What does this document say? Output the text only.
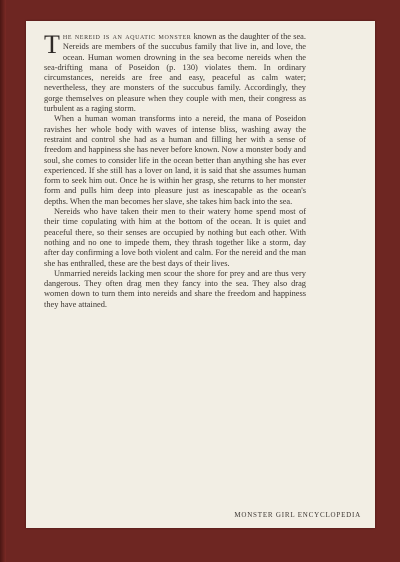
The nereid is an aquatic monster known as the daughter of the sea. Nereids are members of the succubus family that live in, and love, the ocean. Human women drowning in the sea become nereids when the sea-drifting mana of Poseidon (p. 130) violates them. In ordinary circumstances, nereids are free and easy, peaceful as calm water; nevertheless, they are monsters of the succubus family. Accordingly, they gorge themselves on pleasure when they couple with men, their congress as turbulent as a raging storm.

When a human woman transforms into a nereid, the mana of Poseidon ravishes her whole body with waves of intense bliss, washing away the restraint and control she had as a human and filling her with a sense of freedom and happiness she has never before known. Now a monster body and soul, she comes to consider life in the ocean better than anything she has ever experienced. If she still has a lover on land, it is said that she assumes human form to seek him out. Once he is within her grasp, she returns to her monster form and pulls him deep into pleasure just as inescapable as the ocean's depths. When the man becomes her slave, she takes him back into the sea.

Nereids who have taken their men to their watery home spend most of their time copulating with him at the bottom of the ocean. It is quiet and peaceful there, so their senses are occupied by nothing but each other. With nothing and no one to impede them, they thrash together like a storm, day after day confirming a love both violent and calm. For the nereid and the man she has enthralled, these are the best days of their lives.

Unmarried nereids lacking men scour the shore for prey and are thus very dangerous. They often drag men they fancy into the sea. They also drag women down to turn them into nereids and share the freedom and happiness they have attained.

MONSTER GIRL ENCYCLOPEDIA
